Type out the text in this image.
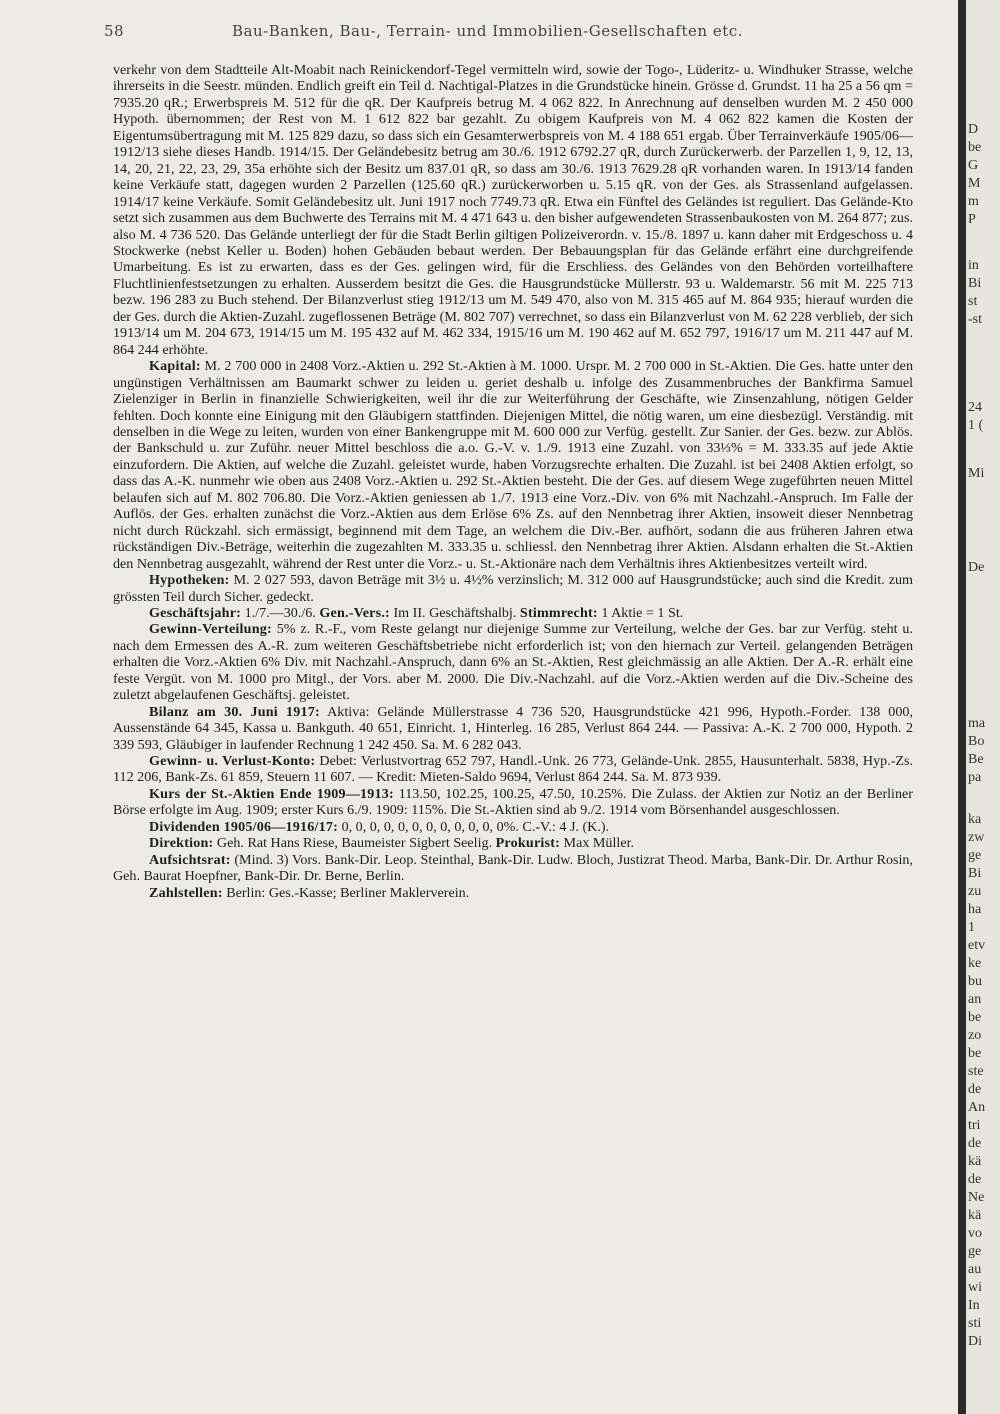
58	Bau-Banken, Bau-, Terrain- und Immobilien-Gesellschaften etc.

verkehr von dem Stadtteile Alt-Moabit nach Reinickendorf-Tegel vermitteln wird, sowie der Togo-, Lüderitz- u. Windhuker Strasse, welche ihrerseits in die Seestr. münden. Endlich greift ein Teil d. Nachtigal-Platzes in die Grundstücke hinein. Grösse d. Grundst. 11 ha 25 a 56 qm = 7935.20 qR.; Erwerbspreis M. 512 für die qR. Der Kaufpreis betrug M. 4 062 822. In Anrechnung auf denselben wurden M. 2 450 000 Hypoth. übernommen; der Rest von M. 1 612 822 bar gezahlt. Zu obigem Kaufpreis von M. 4 062 822 kamen die Kosten der Eigentumsübertragung mit M. 125 829 dazu, so dass sich ein Gesamterwerbspreis von M. 4 188 651 ergab. Über Terrainverkäufe 1905/06—1912/13 siehe dieses Handb. 1914/15. Der Geländebesitz betrug am 30./6. 1912 6792.27 qR, durch Zurückerwerb. der Parzellen 1, 9, 12, 13, 14, 20, 21, 22, 23, 29, 35a erhöhte sich der Besitz um 837.01 qR, so dass am 30./6. 1913 7629.28 qR vorhanden waren. In 1913/14 fanden keine Verkäufe statt, dagegen wurden 2 Parzellen (125.60 qR.) zurückerworben u. 5.15 qR. von der Ges. als Strassenland aufgelassen. 1914/17 keine Verkäufe. Somit Geländebesitz ult. Juni 1917 noch 7749.73 qR. Etwa ein Fünftel des Geländes ist reguliert. Das Gelände-Kto setzt sich zusammen aus dem Buchwerte des Terrains mit M. 4 471 643 u. den bisher aufgewendeten Strassenbaukosten von M. 264 877; zus. also M. 4 736 520. Das Gelände unterliegt der für die Stadt Berlin giltigen Polizeiverordn. v. 15./8. 1897 u. kann daher mit Erdgeschoss u. 4 Stockwerke (nebst Keller u. Boden) hohen Gebäuden bebaut werden. Der Bebauungsplan für das Gelände erfährt eine durchgreifende Umarbeitung. Es ist zu erwarten, dass es der Ges. gelingen wird, für die Erschliess. des Geländes von den Behörden vorteilhaftere Fluchtlinienfestsetzungen zu erhalten. Ausserdem besitzt die Ges. die Hausgrundstücke Müllerstr. 93 u. Waldemarstr. 56 mit M. 225 713 bezw. 196 283 zu Buch stehend. Der Bilanzverlust stieg 1912/13 um M. 549 470, also von M. 315 465 auf M. 864 935; hierauf wurden die der Ges. durch die Aktien-Zuzahl. zugeflossenen Beträge (M. 802 707) verrechnet, so dass ein Bilanzverlust von M. 62 228 verblieb, der sich 1913/14 um M. 204 673, 1914/15 um M. 195 432 auf M. 462 334, 1915/16 um M. 190 462 auf M. 652 797, 1916/17 um M. 211 447 auf M. 864 244 erhöhte.

Kapital: M. 2 700 000 in 2408 Vorz.-Aktien u. 292 St.-Aktien à M. 1000. Urspr. M. 2 700 000 in St.-Aktien. Die Ges. hatte unter den ungünstigen Verhältnissen am Baumarkt schwer zu leiden u. geriet deshalb u. infolge des Zusammenbruches der Bankfirma Samuel Zielenziger in Berlin in finanzielle Schwierigkeiten, weil ihr die zur Weiterführung der Geschäfte, wie Zinsenzahlung, nötigen Gelder fehlten. Doch konnte eine Einigung mit den Gläubigern stattfinden. Diejenigen Mittel, die nötig waren, um eine diesbezügl. Verständig. mit denselben in die Wege zu leiten, wurden von einer Bankengruppe mit M. 600 000 zur Verfüg. gestellt. Zur Sanier. der Ges. bezw. zur Ablös. der Bankschuld u. zur Zuführ. neuer Mittel beschloss die a.o. G.-V. v. 1./9. 1913 eine Zuzahl. von 33⅓% = M. 333.35 auf jede Aktie einzufordern. Die Aktien, auf welche die Zuzahl. geleistet wurde, haben Vorzugsrechte erhalten. Die Zuzahl. ist bei 2408 Aktien erfolgt, so dass das A.-K. nunmehr wie oben aus 2408 Vorz.-Aktien u. 292 St.-Aktien besteht. Die der Ges. auf diesem Wege zugeführten neuen Mittel belaufen sich auf M. 802 706.80. Die Vorz.-Aktien geniessen ab 1./7. 1913 eine Vorz.-Div. von 6% mit Nachzahl.-Anspruch. Im Falle der Auflös. der Ges. erhalten zunächst die Vorz.-Aktien aus dem Erlöse 6% Zs. auf den Nennbetrag ihrer Aktien, insoweit dieser Nennbetrag nicht durch Rückzahl. sich ermässigt, beginnend mit dem Tage, an welchem die Div.-Ber. aufhört, sodann die aus früheren Jahren etwa rückständigen Div.-Beträge, weiterhin die zugezahlten M. 333.35 u. schliessl. den Nennbetrag ihrer Aktien. Alsdann erhalten die St.-Aktien den Nennbetrag ausgezahlt, während der Rest unter die Vorz.- u. St.-Aktionäre nach dem Verhältnis ihres Aktienbesitzes verteilt wird.

Hypotheken: M. 2 027 593, davon Beträge mit 3½ u. 4½% verzinslich; M. 312 000 auf Hausgrundstücke; auch sind die Kredit. zum grössten Teil durch Sicher. gedeckt.

Geschäftsjahr: 1./7.—30./6. Gen.-Vers.: Im II. Geschäftshalbj. Stimmrecht: 1 Aktie = 1 St.

Gewinn-Verteilung: 5% z. R.-F., vom Reste gelangt nur diejenige Summe zur Verteilung, welche der Ges. bar zur Verfüg. steht u. nach dem Ermessen des A.-R. zum weiteren Geschäftsbetriebe nicht erforderlich ist; von den hiernach zur Verteil. gelangenden Beträgen erhalten die Vorz.-Aktien 6% Div. mit Nachzahl.-Anspruch, dann 6% an St.-Aktien, Rest gleichmässig an alle Aktien. Der A.-R. erhält eine feste Vergüt. von M. 1000 pro Mitgl., der Vors. aber M. 2000. Die Div.-Nachzahl. auf die Vorz.-Aktien werden auf die Div.-Scheine des zuletzt abgelaufenen Geschäftsj. geleistet.

Bilanz am 30. Juni 1917: Aktiva: Gelände Müllerstrasse 4 736 520, Hausgrundstücke 421 996, Hypoth.-Forder. 138 000, Aussenstände 64 345, Kassa u. Bankguth. 40 651, Einricht. 1, Hinterleg. 16 285, Verlust 864 244. — Passiva: A.-K. 2 700 000, Hypoth. 2 339 593, Gläubiger in laufender Rechnung 1 242 450. Sa. M. 6 282 043.

Gewinn- u. Verlust-Konto: Debet: Verlustvortrag 652 797, Handl.-Unk. 26 773, Gelände-Unk. 2855, Hausunterhalt. 5838, Hyp.-Zs. 112 206, Bank-Zs. 61 859, Steuern 11 607. — Kredit: Mieten-Saldo 9694, Verlust 864 244. Sa. M. 873 939.

Kurs der St.-Aktien Ende 1909—1913: 113.50, 102.25, 100.25, 47.50, 10.25%. Die Zulass. der Aktien zur Notiz an der Berliner Börse erfolgte im Aug. 1909; erster Kurs 6./9. 1909: 115%. Die St.-Aktien sind ab 9./2. 1914 vom Börsenhandel ausgeschlossen.

Dividenden 1905/06—1916/17: 0, 0, 0, 0, 0, 0, 0, 0, 0, 0, 0, 0%. C.-V.: 4 J. (K.).

Direktion: Geh. Rat Hans Riese, Baumeister Sigbert Seelig. Prokurist: Max Müller.

Aufsichtsrat: (Mind. 3) Vors. Bank-Dir. Leop. Steinthal, Bank-Dir. Ludw. Bloch, Justizrat Theod. Marba, Bank-Dir. Dr. Arthur Rosin, Geh. Baurat Hoepfner, Bank-Dir. Dr. Berne, Berlin.

Zahlstellen: Berlin: Ges.-Kasse; Berliner Maklerverein.

D
be
G
M
m
P
in
Bi
st
-st
24
1 (
Mi
De
ma
Bo
Be
pa
ka
zw
ge
Bi
zu
ha
1
etv
ke
bu
an
be
zo
be
ste
de
An
tri
de
kä
de
Ne
kä
vo
ge
au
wi
In
sti
Di
